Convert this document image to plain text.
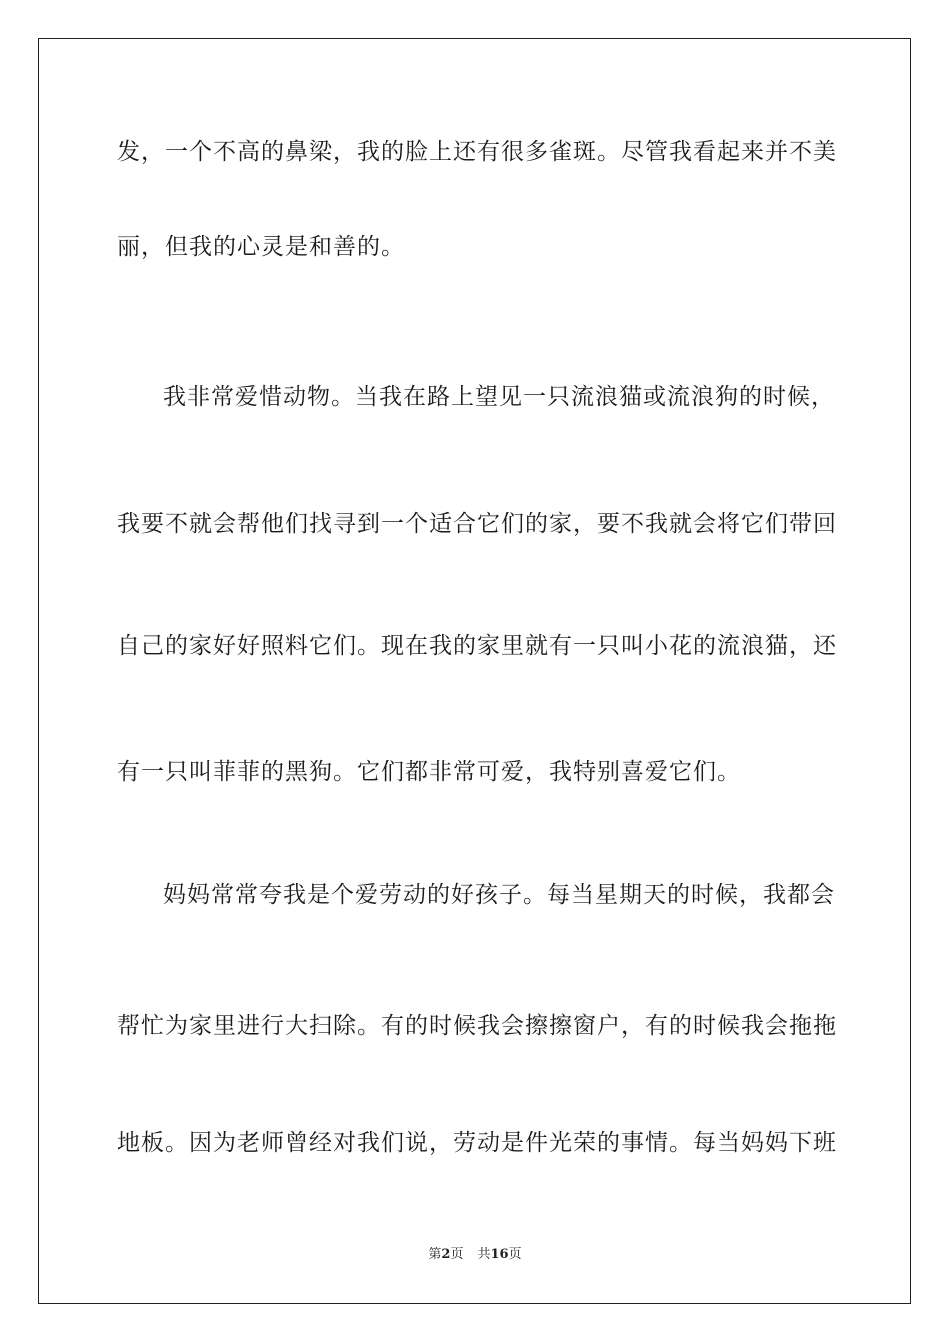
发，一个不高的鼻梁，我的脸上还有很多雀斑。尽管我看起来并不美
丽，但我的心灵是和善的。
我非常爱惜动物。当我在路上望见一只流浪猫或流浪狗的时候，
我要不就会帮他们找寻到一个适合它们的家，要不我就会将它们带回
自己的家好好照料它们。现在我的家里就有一只叫小花的流浪猫，还
有一只叫菲菲的黑狗。它们都非常可爱，我特别喜爱它们。
妈妈常常夸我是个爱劳动的好孩子。每当星期天的时候，我都会
帮忙为家里进行大扫除。有的时候我会擦擦窗户，有的时候我会拖拖
地板。因为老师曾经对我们说，劳动是件光荣的事情。每当妈妈下班
第2页 共16页
